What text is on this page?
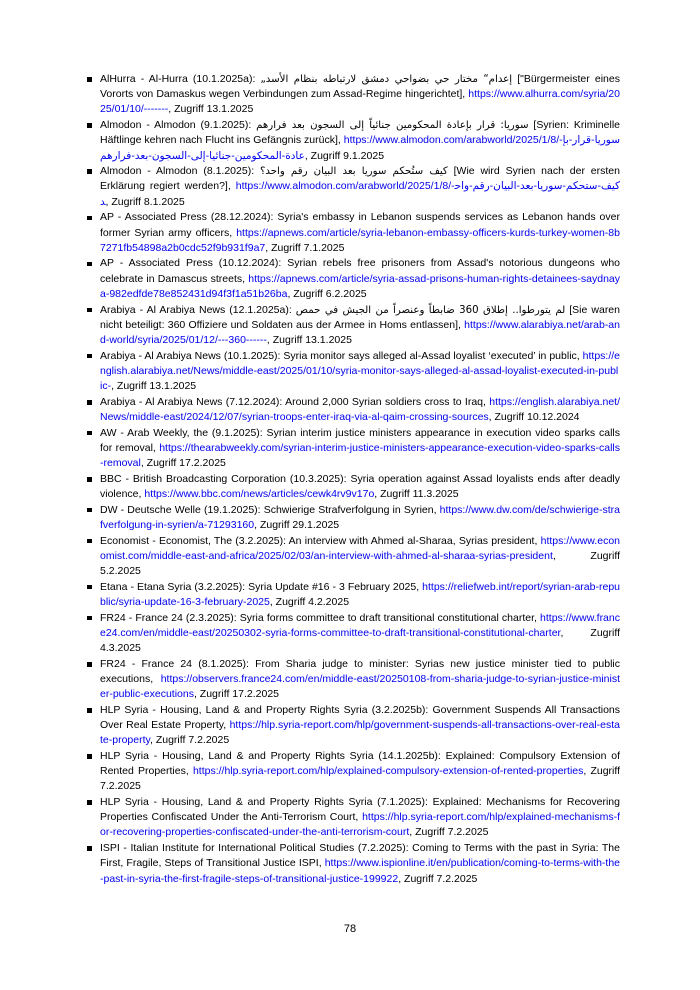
AlHurra - Al-Hurra (10.1.2025a): „إعدام“ مختار حي بضواحي دمشق لارتباطه بنظام الأسد ["Bürgermeister eines Vororts von Damaskus wegen Verbindungen zum Assad-Regime hingerichtet], https://www.alhurra.com/syria/2025/01/10/-------, Zugriff 13.1.2025
Almodon - Almodon (9.1.2025): سوريا: قرار بإعادة المحكومين جنائياً إلى السجون بعد فرارهم [Syrien: Kriminelle Häftlinge kehren nach Flucht ins Gefängnis zurück], https://www.almodon.com/arabworld/2025/1/8/-سوريا-قرار-بإعادة-المحكومين-جنائيا-إلى-السجون-بعد-فرارهم, Zugriff 9.1.2025
Almodon - Almodon (8.1.2025): كيف ستُحكم سوريا بعد البيان رقم واحد؟ [Wie wird Syrien nach der ersten Erklärung regiert werden?], https://www.almodon.com/arabworld/2025/1/8/-كيف-ستحكم-سوريا-بعد-البيان-رقم-واحد, Zugriff 8.1.2025
AP - Associated Press (28.12.2024): Syria's embassy in Lebanon suspends services as Lebanon hands over former Syrian army officers, https://apnews.com/article/syria-lebanon-embassy-officers-kurds-turkey-women-8b7271fb54898a2b0cdc52f9b931f9a7, Zugriff 7.1.2025
AP - Associated Press (10.12.2024): Syrian rebels free prisoners from Assad's notorious dungeons who celebrate in Damascus streets, https://apnews.com/article/syria-assad-prisons-human-rights-detainees-saydnaya-982edfde78e852431d94f3f1a51b26ba, Zugriff 6.2.2025
Arabiya - Al Arabiya News (12.1.2025a): لم يتورطوا.. إطلاق 360 ضابطاً وعنصراً من الجيش في حمص [Sie waren nicht beteiligt: 360 Offiziere und Soldaten aus der Armee in Homs entlassen], https://www.alarabiya.net/arab-and-world/syria/2025/01/12/---360------, Zugriff 13.1.2025
Arabiya - Al Arabiya News (10.1.2025): Syria monitor says alleged al-Assad loyalist ‘executed’ in public, https://english.alarabiya.net/News/middle-east/2025/01/10/syria-monitor-says-alleged-al-assad-loyalist-executed-in-public-, Zugriff 13.1.2025
Arabiya - Al Arabiya News (7.12.2024): Around 2,000 Syrian soldiers cross to Iraq, https://english.alarabiya.net/News/middle-east/2024/12/07/syrian-troops-enter-iraq-via-al-qaim-crossing-sources, Zugriff 10.12.2024
AW - Arab Weekly, the (9.1.2025): Syrian interim justice ministers appearance in execution video sparks calls for removal, https://thearabweekly.com/syrian-interim-justice-ministers-appearance-execution-video-sparks-calls-removal, Zugriff 17.2.2025
BBC - British Broadcasting Corporation (10.3.2025): Syria operation against Assad loyalists ends after deadly violence, https://www.bbc.com/news/articles/cewk4rv9v17o, Zugriff 11.3.2025
DW - Deutsche Welle (19.1.2025): Schwierige Strafverfolgung in Syrien, https://www.dw.com/de/schwierige-strafverfolgung-in-syrien/a-71293160, Zugriff 29.1.2025
Economist - Economist, The (3.2.2025): An interview with Ahmed al-Sharaa, Syrias president, https://www.economist.com/middle-east-and-africa/2025/02/03/an-interview-with-ahmed-al-sharaa-syrias-president, Zugriff 5.2.2025
Etana - Etana Syria (3.2.2025): Syria Update #16 - 3 February 2025, https://reliefweb.int/report/syrian-arab-republic/syria-update-16-3-february-2025, Zugriff 4.2.2025
FR24 - France 24 (2.3.2025): Syria forms committee to draft transitional constitutional charter, https://www.france24.com/en/middle-east/20250302-syria-forms-committee-to-draft-transitional-constitutional-charter, Zugriff 4.3.2025
FR24 - France 24 (8.1.2025): From Sharia judge to minister: Syrias new justice minister tied to public executions, https://observers.france24.com/en/middle-east/20250108-from-sharia-judge-to-syrian-justice-minister-public-executions, Zugriff 17.2.2025
HLP Syria - Housing, Land & and Property Rights Syria (3.2.2025b): Government Suspends All Transactions Over Real Estate Property, https://hlp.syria-report.com/hlp/government-suspends-all-transactions-over-real-estate-property, Zugriff 7.2.2025
HLP Syria - Housing, Land & and Property Rights Syria (14.1.2025b): Explained: Compulsory Extension of Rented Properties, https://hlp.syria-report.com/hlp/explained-compulsory-extension-of-rented-properties, Zugriff 7.2.2025
HLP Syria - Housing, Land & and Property Rights Syria (7.1.2025): Explained: Mechanisms for Recovering Properties Confiscated Under the Anti-Terrorism Court, https://hlp.syria-report.com/hlp/explained-mechanisms-for-recovering-properties-confiscated-under-the-anti-terrorism-court, Zugriff 7.2.2025
ISPI - Italian Institute for International Political Studies (7.2.2025): Coming to Terms with the past in Syria: The First, Fragile, Steps of Transitional Justice ISPI, https://www.ispionline.it/en/publication/coming-to-terms-with-the-past-in-syria-the-first-fragile-steps-of-transitional-justice-199922, Zugriff 7.2.2025
78
